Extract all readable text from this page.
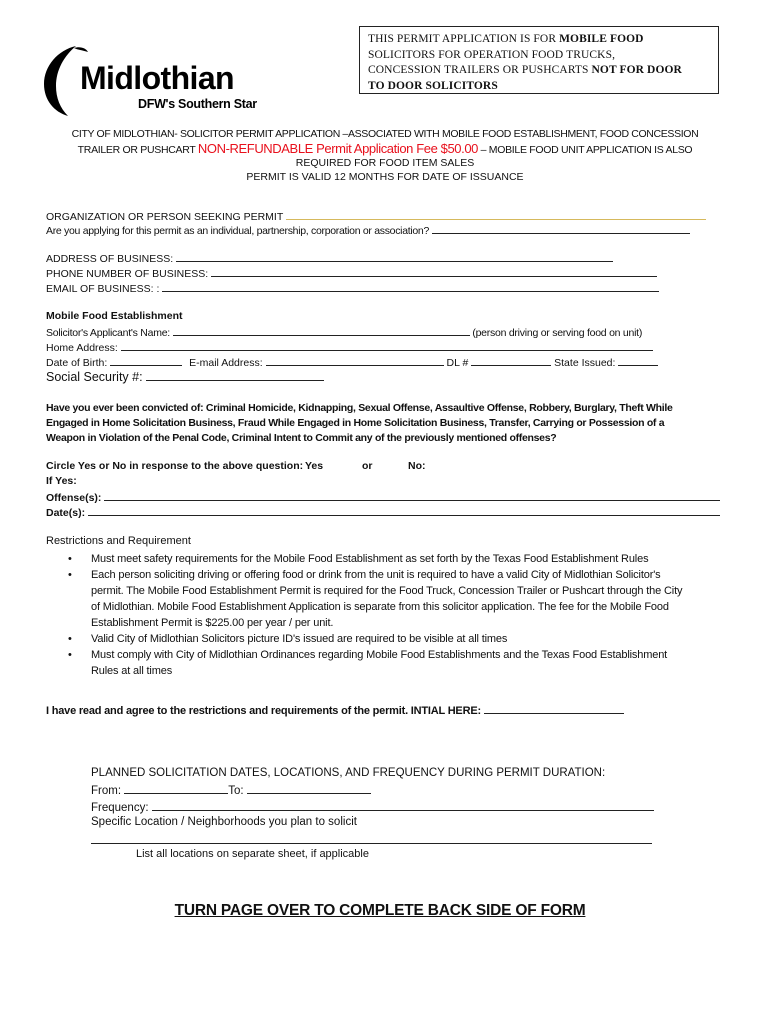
Midlothian
DFW's Southern Star
THIS PERMIT APPLICATION IS FOR MOBILE FOOD
SOLICITORS FOR OPERATION FOOD TRUCKS,
CONCESSION TRAILERS OR PUSHCARTS NOT FOR DOOR
TO DOOR SOLICITORS
CITY OF MIDLOTHIAN- SOLICITOR PERMIT APPLICATION –ASSOCIATED WITH MOBILE FOOD ESTABLISHMENT, FOOD CONCESSION
TRAILER OR PUSHCART NON-REFUNDABLE Permit Application Fee $50.00 – MOBILE FOOD UNIT APPLICATION IS ALSO
REQUIRED FOR FOOD ITEM SALES
PERMIT IS VALID 12 MONTHS FOR DATE OF ISSUANCE
ORGANIZATION OR PERSON SEEKING PERMIT
Are you applying for this permit as an individual, partnership, corporation or association?
ADDRESS OF BUSINESS:
PHONE NUMBER OF BUSINESS:
EMAIL OF BUSINESS: :
Mobile Food Establishment
Solicitor's Applicant's Name:	(person driving or serving food on unit)
Home Address:
Date of Birth:	E-mail Address:	DL #	State Issued:
Social Security #:
Have you ever been convicted of: Criminal Homicide, Kidnapping, Sexual Offense, Assaultive Offense, Robbery, Burglary, Theft While
Engaged in Home Solicitation Business, Fraud While Engaged in Home Solicitation Business, Transfer, Carrying or Possession of a
Weapon in Violation of the Penal Code, Criminal Intent to Commit any of the previously mentioned offenses?
Circle Yes or No in response to the above question: Yes	or	No:
If Yes:
Offense(s):
Date(s):
Restrictions and Requirement
• Must meet safety requirements for the Mobile Food Establishment as set forth by the Texas Food Establishment Rules
• Each person soliciting driving or offering food or drink from the unit is required to have a valid City of Midlothian Solicitor's
permit. The Mobile Food Establishment Permit is required for the Food Truck, Concession Trailer or Pushcart through the City
of Midlothian. Mobile Food Establishment Application is separate from this solicitor application. The fee for the Mobile Food
Establishment Permit is $225.00 per year / per unit.
• Valid City of Midlothian Solicitors picture ID's issued are required to be visible at all times
• Must comply with City of Midlothian Ordinances regarding Mobile Food Establishments and the Texas Food Establishment
Rules at all times
I have read and agree to the restrictions and requirements of the permit. INTIAL HERE:
PLANNED SOLICITATION DATES, LOCATIONS, AND FREQUENCY DURING PERMIT DURATION:
From:	To:
Frequency:
Specific Location / Neighborhoods you plan to solicit
List all locations on separate sheet, if applicable
TURN PAGE OVER TO COMPLETE BACK SIDE OF FORM
